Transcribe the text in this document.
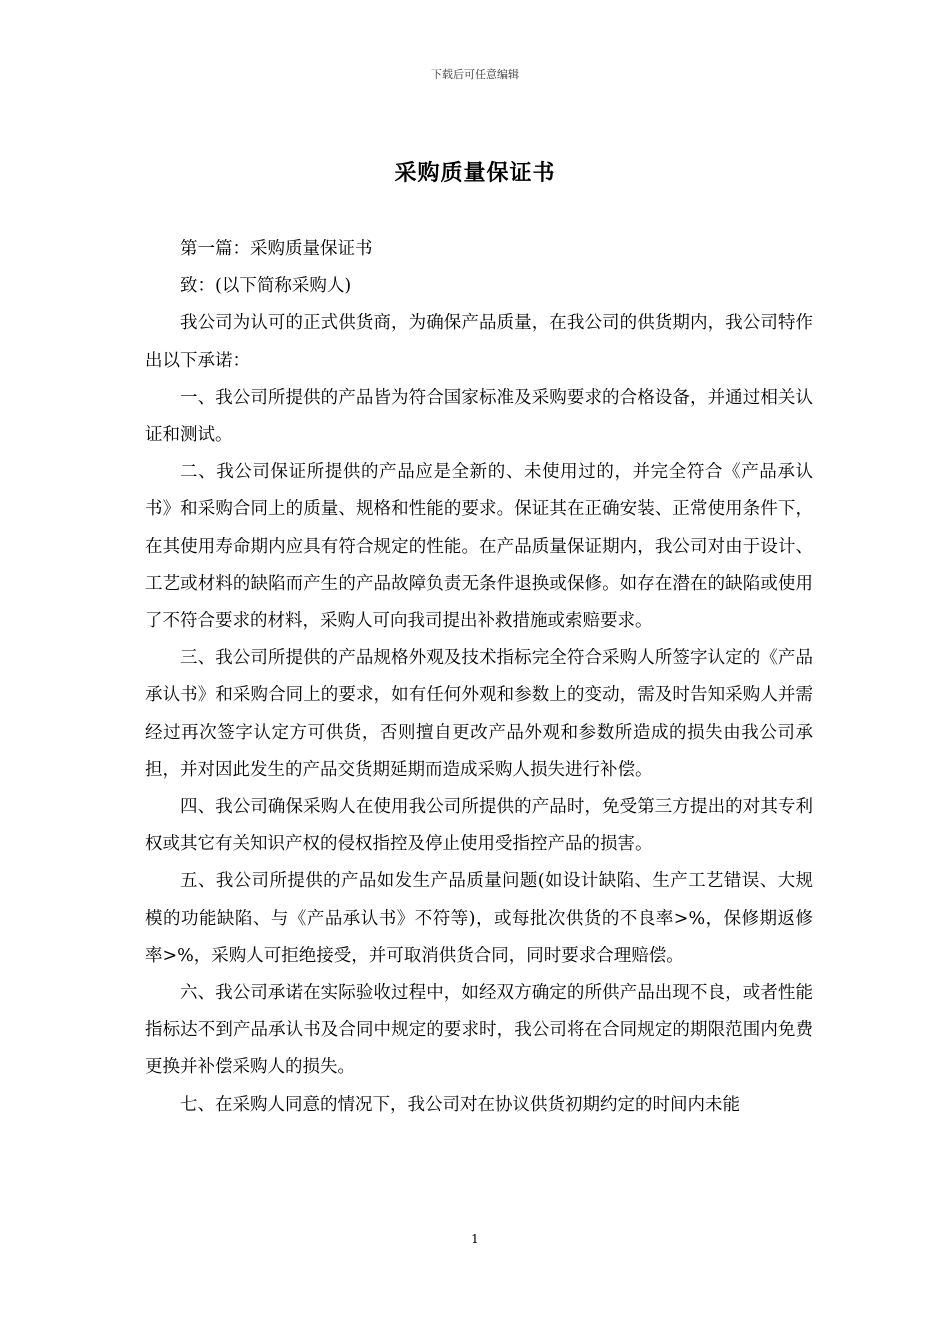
下载后可任意编辑
采购质量保证书

第一篇：采购质量保证书

致：(以下简称采购人)

我公司为认可的正式供货商，为确保产品质量，在我公司的供货期内，我公司特作出以下承诺：

一、我公司所提供的产品皆为符合国家标准及采购要求的合格设备，并通过相关认证和测试。

二、我公司保证所提供的产品应是全新的、未使用过的，并完全符合《产品承认书》和采购合同上的质量、规格和性能的要求。保证其在正确安装、正常使用条件下，在其使用寿命期内应具有符合规定的性能。在产品质量保证期内，我公司对由于设计、工艺或材料的缺陷而产生的产品故障负责无条件退换或保修。如存在潜在的缺陷或使用了不符合要求的材料，采购人可向我司提出补救措施或索赔要求。

三、我公司所提供的产品规格外观及技术指标完全符合采购人所签字认定的《产品承认书》和采购合同上的要求，如有任何外观和参数上的变动，需及时告知采购人并需经过再次签字认定方可供货，否则擅自更改产品外观和参数所造成的损失由我公司承担，并对因此发生的产品交货期延期而造成采购人损失进行补偿。

四、我公司确保采购人在使用我公司所提供的产品时，免受第三方提出的对其专利权或其它有关知识产权的侵权指控及停止使用受指控产品的损害。

五、我公司所提供的产品如发生产品质量问题(如设计缺陷、生产工艺错误、大规模的功能缺陷、与《产品承认书》不符等)，或每批次供货的不良率>%，保修期返修率>%，采购人可拒绝接受，并可取消供货合同，同时要求合理赔偿。

六、我公司承诺在实际验收过程中，如经双方确定的所供产品出现不良，或者性能指标达不到产品承认书及合同中规定的要求时，我公司将在合同规定的期限范围内免费更换并补偿采购人的损失。

七、在采购人同意的情况下，我公司对在协议供货初期约定的时间内未能

1
